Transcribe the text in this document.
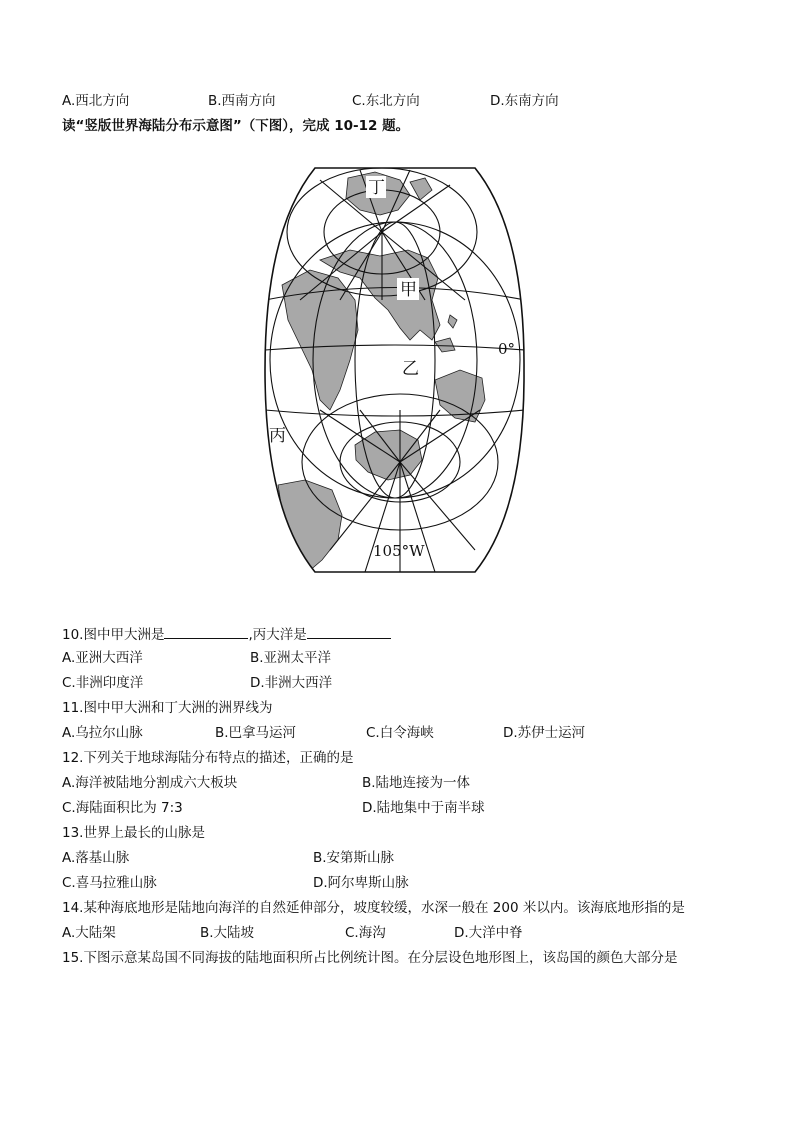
A.西北方向	B.西南方向	C.东北方向	D.东南方向
读“竖版世界海陆分布示意图”（下图），完成 10-12 题。
丁
甲
乙
丙
0°
105°W
10.图中甲大洲是	,丙大洋是
A.亚洲大西洋	B.亚洲太平洋
C.非洲印度洋	D.非洲大西洋
11.图中甲大洲和丁大洲的洲界线为
A.乌拉尔山脉	B.巴拿马运河	C.白令海峡	D.苏伊士运河
12.下列关于地球海陆分布特点的描述，正确的是
A.海洋被陆地分割成六大板块	B.陆地连接为一体
C.海陆面积比为 7:3	D.陆地集中于南半球
13.世界上最长的山脉是
A.落基山脉	B.安第斯山脉
C.喜马拉雅山脉	D.阿尔卑斯山脉
14.某种海底地形是陆地向海洋的自然延伸部分，坡度较缓，水深一般在 200 米以内。该海底地形指的是
A.大陆架	B.大陆坡	C.海沟	D.大洋中脊
15.下图示意某岛国不同海拔的陆地面积所占比例统计图。在分层设色地形图上，该岛国的颜色大部分是
